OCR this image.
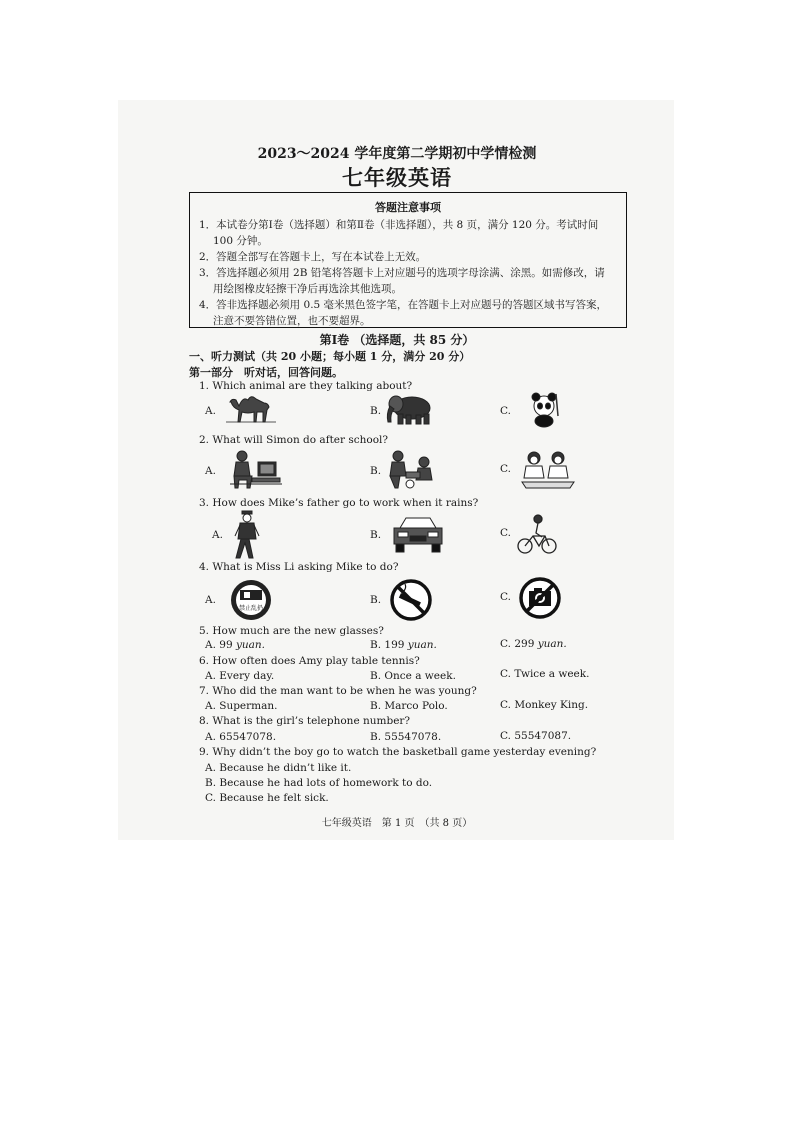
2023～2024 学年度第二学期初中学情检测
七年级英语
答题注意事项
1．本试卷分第Ⅰ卷（选择题）和第Ⅱ卷（非选择题），共 8 页，满分 120 分。考试时间
100 分钟。
2．答题全部写在答题卡上，写在本试卷上无效。
3．答选择题必须用 2B 铅笔将答题卡上对应题号的选项字母涂满、涂黑。如需修改，请
用绘图橡皮轻擦干净后再选涂其他选项。
4．答非选择题必须用 0.5 毫米黑色签字笔，在答题卡上对应题号的答题区域书写答案，
注意不要答错位置，也不要超界。
第Ⅰ卷 （选择题，共 85 分）
一、听力测试（共 20 小题；每小题 1 分，满分 20 分）
第一部分　听对话，回答问题。
1. Which animal are they talking about?
A.	B.	C.
2. What will Simon do after school?
A.	B.	C.
3. How does Mike’s father go to work when it rains?
A.	B.	C.
4. What is Miss Li asking Mike to do?
A.
禁止乱扔
B.	C.
5. How much are the new glasses?
A. 99 yuan.	B. 199 yuan.	C. 299 yuan.
6. How often does Amy play table tennis?
A. Every day.	B. Once a week.	C. Twice a week.
7. Who did the man want to be when he was young?
A. Superman.	B. Marco Polo.	C. Monkey King.
8. What is the girl’s telephone number?
A. 65547078.	B. 55547078.	C. 55547087.
9. Why didn’t the boy go to watch the basketball game yesterday evening?
A. Because he didn’t like it.
B. Because he had lots of homework to do.
C. Because he felt sick.
七年级英语　第 1 页　（共 8 页）
